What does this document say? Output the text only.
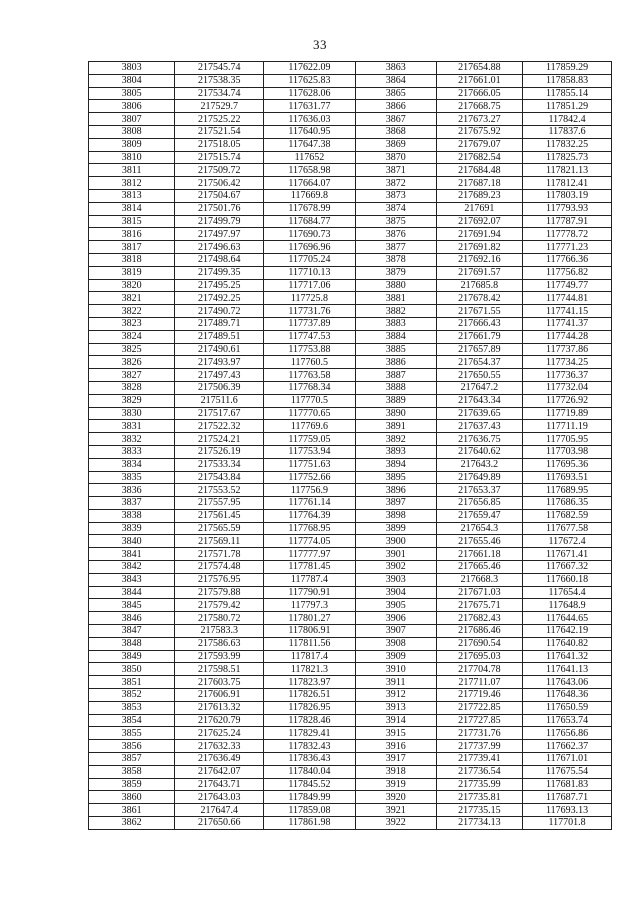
33
3803	217545.74	117622.09	3863	217654.88	117859.29
3804	217538.35	117625.83	3864	217661.01	117858.83
3805	217534.74	117628.06	3865	217666.05	117855.14
3806	217529.7	117631.77	3866	217668.75	117851.29
3807	217525.22	117636.03	3867	217673.27	117842.4
3808	217521.54	117640.95	3868	217675.92	117837.6
3809	217518.05	117647.38	3869	217679.07	117832.25
3810	217515.74	117652	3870	217682.54	117825.73
3811	217509.72	117658.98	3871	217684.48	117821.13
3812	217506.42	117664.07	3872	217687.18	117812.41
3813	217504.67	117669.8	3873	217689.23	117803.19
3814	217501.76	117678.99	3874	217691	117793.93
3815	217499.79	117684.77	3875	217692.07	117787.91
3816	217497.97	117690.73	3876	217691.94	117778.72
3817	217496.63	117696.96	3877	217691.82	117771.23
3818	217498.64	117705.24	3878	217692.16	117766.36
3819	217499.35	117710.13	3879	217691.57	117756.82
3820	217495.25	117717.06	3880	217685.8	117749.77
3821	217492.25	117725.8	3881	217678.42	117744.81
3822	217490.72	117731.76	3882	217671.55	117741.15
3823	217489.71	117737.89	3883	217666.43	117741.37
3824	217489.51	117747.53	3884	217661.79	117744.28
3825	217490.61	117753.88	3885	217657.89	117737.86
3826	217493.97	117760.5	3886	217654.37	117734.25
3827	217497.43	117763.58	3887	217650.55	117736.37
3828	217506.39	117768.34	3888	217647.2	117732.04
3829	217511.6	117770.5	3889	217643.34	117726.92
3830	217517.67	117770.65	3890	217639.65	117719.89
3831	217522.32	117769.6	3891	217637.43	117711.19
3832	217524.21	117759.05	3892	217636.75	117705.95
3833	217526.19	117753.94	3893	217640.62	117703.98
3834	217533.34	117751.63	3894	217643.2	117695.36
3835	217543.84	117752.66	3895	217649.89	117693.51
3836	217553.52	117756.9	3896	217653.37	117689.95
3837	217557.95	117761.14	3897	217656.85	117686.35
3838	217561.45	117764.39	3898	217659.47	117682.59
3839	217565.59	117768.95	3899	217654.3	117677.58
3840	217569.11	117774.05	3900	217655.46	117672.4
3841	217571.78	117777.97	3901	217661.18	117671.41
3842	217574.48	117781.45	3902	217665.46	117667.32
3843	217576.95	117787.4	3903	217668.3	117660.18
3844	217579.88	117790.91	3904	217671.03	117654.4
3845	217579.42	117797.3	3905	217675.71	117648.9
3846	217580.72	117801.27	3906	217682.43	117644.65
3847	217583.3	117806.91	3907	217686.46	117642.19
3848	217586.63	117811.56	3908	217690.54	117640.82
3849	217593.99	117817.4	3909	217695.03	117641.32
3850	217598.51	117821.3	3910	217704.78	117641.13
3851	217603.75	117823.97	3911	217711.07	117643.06
3852	217606.91	117826.51	3912	217719.46	117648.36
3853	217613.32	117826.95	3913	217722.85	117650.59
3854	217620.79	117828.46	3914	217727.85	117653.74
3855	217625.24	117829.41	3915	217731.76	117656.86
3856	217632.33	117832.43	3916	217737.99	117662.37
3857	217636.49	117836.43	3917	217739.41	117671.01
3858	217642.07	117840.04	3918	217736.54	117675.54
3859	217643.71	117845.52	3919	217735.99	117681.83
3860	217643.03	117849.99	3920	217735.81	117687.71
3861	217647.4	117859.08	3921	217735.15	117693.13
3862	217650.66	117861.98	3922	217734.13	117701.8
